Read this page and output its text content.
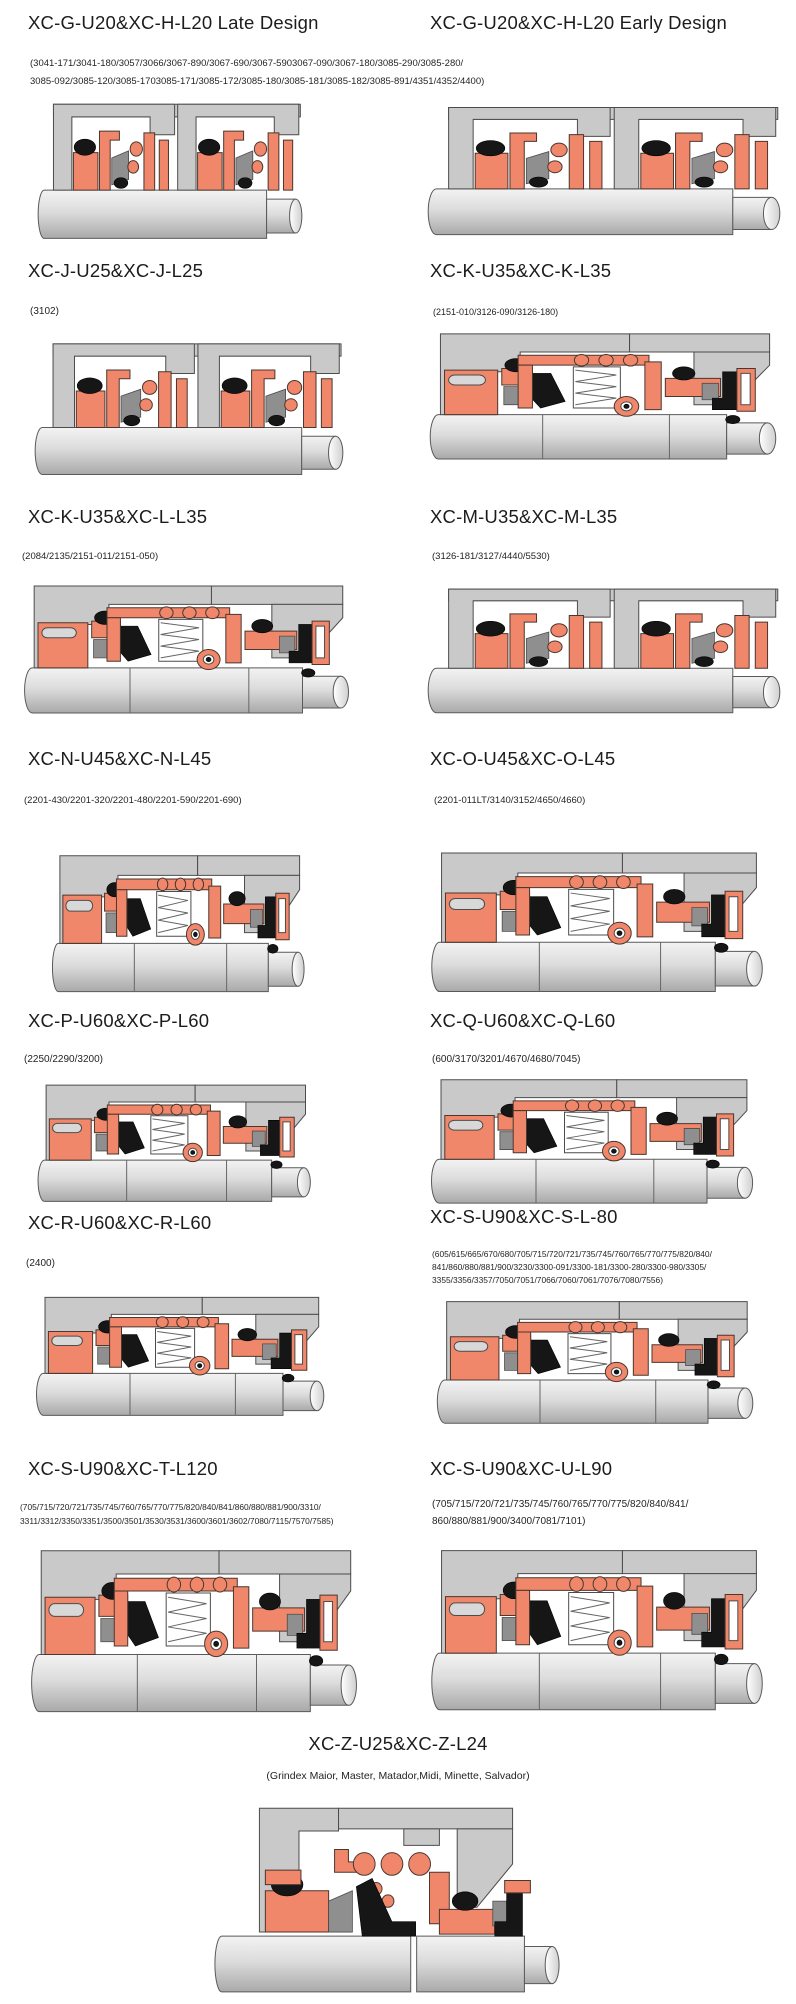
XC-G-U20&XC-H-L20 Late Design
(3041-171/3041-180/3057/3066/3067-890/3067-690/3067-5903067-090/3067-180/3085-290/3085-280/
3085-092/3085-120/3085-1703085-171/3085-172/3085-180/3085-181/3085-182/3085-891/4351/4352/4400)
XC-G-U20&XC-H-L20 Early Design
XC-J-U25&XC-J-L25
(3102)
XC-K-U35&XC-K-L35
(2151-010/3126-090/3126-180)
XC-K-U35&XC-L-L35
(2084/2135/2151-011/2151-050)
XC-M-U35&XC-M-L35
(3126-181/3127/4440/5530)
XC-N-U45&XC-N-L45
(2201-430/2201-320/2201-480/2201-590/2201-690)
XC-O-U45&XC-O-L45
(2201-011LT/3140/3152/4650/4660)
XC-P-U60&XC-P-L60
(2250/2290/3200)
XC-Q-U60&XC-Q-L60
(600/3170/3201/4670/4680/7045)
XC-R-U60&XC-R-L60
(2400)
XC-S-U90&XC-S-L-80
(605/615/665/670/680/705/715/720/721/735/745/760/765/770/775/820/840/
841/860/880/881/900/3230/3300-091/3300-181/3300-280/3300-980/3305/
3355/3356/3357/7050/7051/7066/7060/7061/7076/7080/7556)
XC-S-U90&XC-T-L120
(705/715/720/721/735/745/760/765/770/775/820/840/841/860/880/881/900/3310/
3311/3312/3350/3351/3500/3501/3530/3531/3600/3601/3602/7080/7115/7570/7585)
XC-S-U90&XC-U-L90
(705/715/720/721/735/745/760/765/770/775/820/840/841/
860/880/881/900/3400/7081/7101)
XC-Z-U25&XC-Z-L24
(Grindex Maior, Master, Matador,Midi, Minette, Salvador)
